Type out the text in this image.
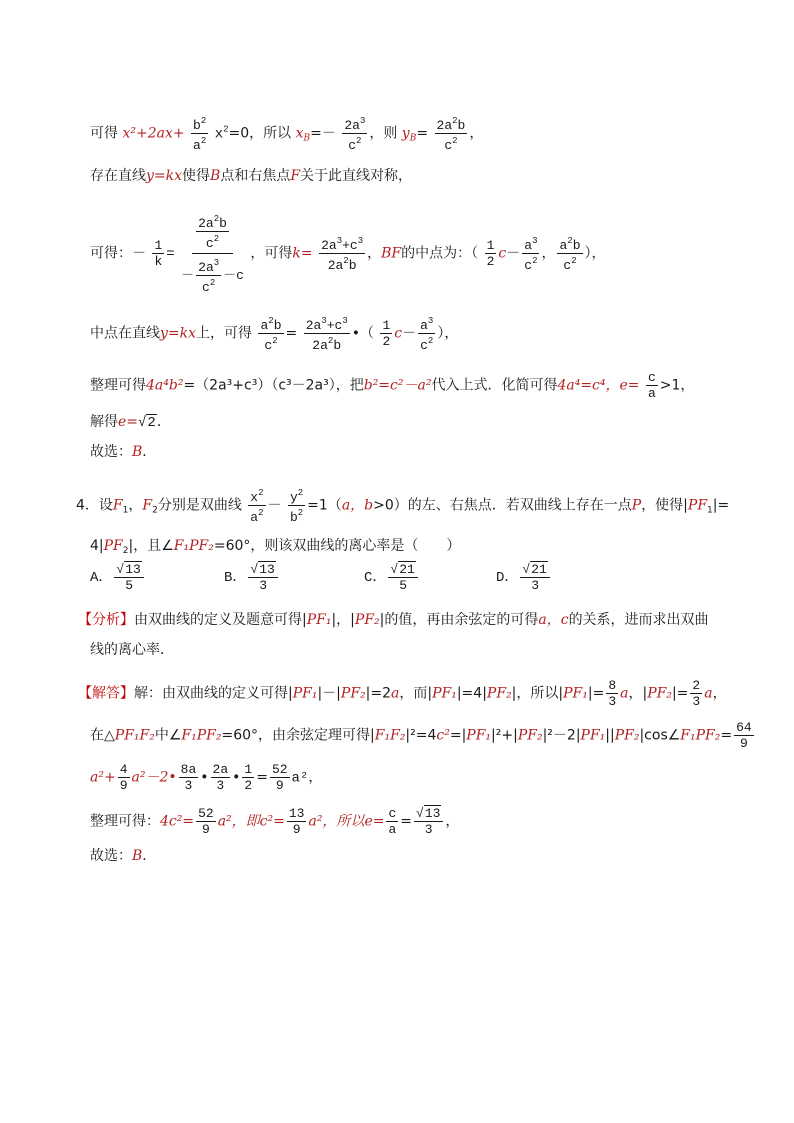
可得 $x^2+2ax+ \frac{b^2}{a^2} x^2=0$，所以 $x_B=- \frac{2a^3}{c^2}$ ，则 $y_B= \frac{2a^2b}{c^2}$ ，
存在直线y=kx使得B点和右焦点F关于此直线对称，
可得：－ $\frac{1}{k} = \frac{\frac{2a^2b}{c^2}}{- \frac{2a^3}{c^2} -c}$ ，可得$k= \frac{2a^3+c^3}{2a^2b}$ ，BF的中点为：（ $\frac{1}{2} c- \frac{a^3}{c^2}$ ， $\frac{a^2b}{c^2}$ ），
中点在直线y=kx上，可得 $\frac{a^2b}{c^2} = \frac{2a^3+c^3}{2a^2b}$ •（ $\frac{1}{2} c- \frac{a^3}{c^2}$ ），
整理可得4a⁴b²=（2a³+c³）（c³－2a³），把b²=c²－a²代入上式．化简可得4a⁴=c⁴，$e= \frac{c}{a} >1$，
解得e=√2．
故选：B．
4．设$F_1$，$F_2$分别是双曲线 $\frac{x^2}{a^2} - \frac{y^2}{b^2} =1(a$，b>0）的左、右焦点．若双曲线上存在一点P，使得$|PF_1|=$
$4|PF_2|$，且∠F₁PF₂=60°，则该双曲线的离心率是（　　）
A． $\frac{√13}{5}$	B． $\frac{√13}{3}$	C． $\frac{√21}{5}$	D． $\frac{√21}{3}$
【分析】由双曲线的定义及题意可得|PF₁|，|PF₂|的值，再由余弦定的可得a，c的关系，进而求出双曲
线的离心率．
【解答】解：由双曲线的定义可得|PF₁|－|PF₂|=2a，而|PF₁|=4|PF₂|，所以$|PF_1|= \frac{8}{3}$ a，$|PF_2|= \frac{2}{3}$ a，
在△PF₁F₂中∠F₁PF₂=60°，由余弦定理可得|F₁F₂|²=4c²=|PF₁|²+|PF₂|²－2|PF₁||PF₂|cos∠F₁PF₂= $\frac{64}{9}$
$a^2+ \frac{4}{9}$ a²－2• $\frac{8a}{3}$ • $\frac{2a}{3}$ • $\frac{1}{2} = \frac{52}{9} a^2$，
整理可得：$4c^2= \frac{52}{9} a^2$，即$c^2= \frac{13}{9} a^2$，所以$e= \frac{c}{a} = \frac{√13}{3}$ ，
故选：B．
